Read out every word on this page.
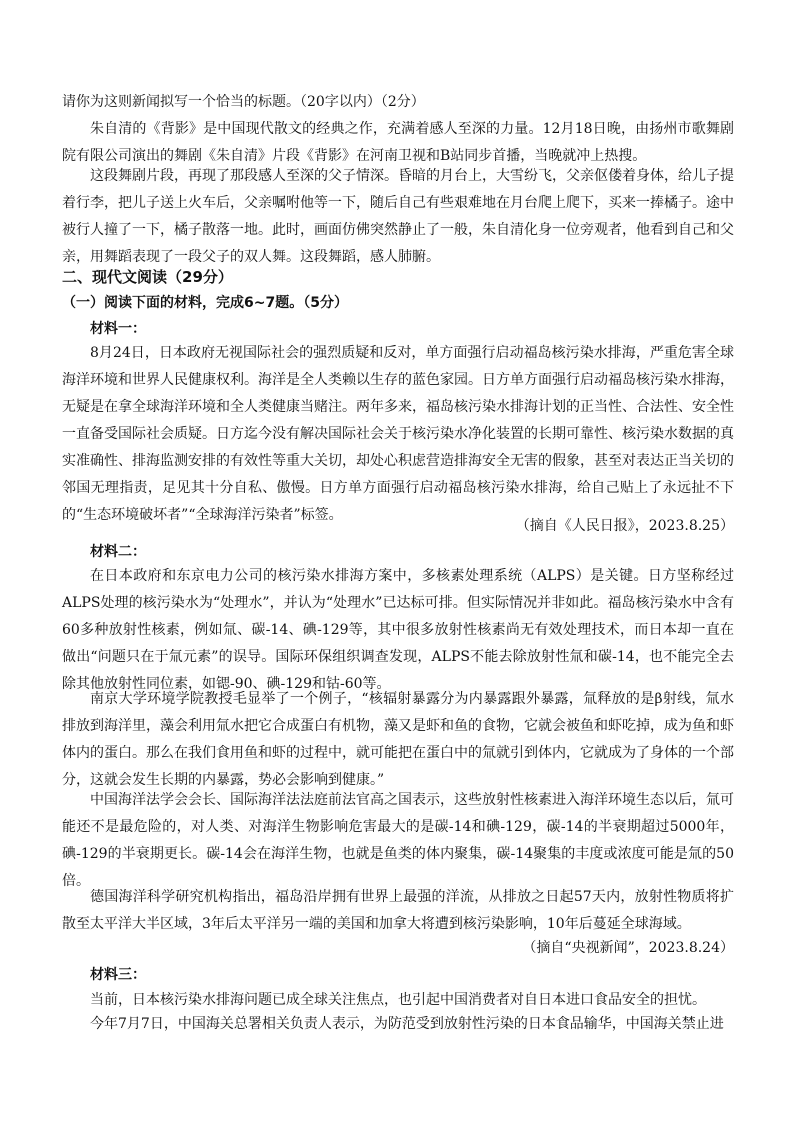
请你为这则新闻拟写一个恰当的标题。（20字以内）（2分）

朱自清的《背影》是中国现代散文的经典之作，充满着感人至深的力量。12月18日晚，由扬州市歌舞剧院有限公司演出的舞剧《朱自清》片段《背影》在河南卫视和B站同步首播，当晚就冲上热搜。

这段舞剧片段，再现了那段感人至深的父子情深。昏暗的月台上，大雪纷飞，父亲伛偻着身体，给儿子提着行李，把儿子送上火车后，父亲嘱咐他等一下，随后自己有些艰难地在月台爬上爬下，买来一捧橘子。途中被行人撞了一下，橘子散落一地。此时，画面仿佛突然静止了一般，朱自清化身一位旁观者，他看到自己和父亲，用舞蹈表现了一段父子的双人舞。这段舞蹈，感人肺腑。

二、现代文阅读（29分）

（一）阅读下面的材料，完成6~7题。（5分）

材料一：

8月24日，日本政府无视国际社会的强烈质疑和反对，单方面强行启动福岛核污染水排海，严重危害全球海洋环境和世界人民健康权利。海洋是全人类赖以生存的蓝色家园。日方单方面强行启动福岛核污染水排海，无疑是在拿全球海洋环境和全人类健康当赌注。两年多来，福岛核污染水排海计划的正当性、合法性、安全性一直备受国际社会质疑。日方迄今没有解决国际社会关于核污染水净化装置的长期可靠性、核污染水数据的真实准确性、排海监测安排的有效性等重大关切，却处心积虑营造排海安全无害的假象，甚至对表达正当关切的邻国无理指责，足见其十分自私、傲慢。日方单方面强行启动福岛核污染水排海，给自己贴上了永远扯不下的“生态环境破坏者”“全球海洋污染者”标签。

（摘自《人民日报》，2023.8.25）

材料二：

在日本政府和东京电力公司的核污染水排海方案中，多核素处理系统（ALPS）是关键。日方坚称经过ALPS处理的核污染水为“处理水”，并认为“处理水”已达标可排。但实际情况并非如此。福岛核污染水中含有60多种放射性核素，例如氚、碳-14、碘-129等，其中很多放射性核素尚无有效处理技术，而日本却一直在做出“问题只在于氚元素”的误导。国际环保组织调查发现，ALPS不能去除放射性氚和碳-14，也不能完全去除其他放射性同位素，如锶-90、碘-129和钴-60等。

南京大学环境学院教授毛显举了一个例子，“核辐射暴露分为内暴露跟外暴露，氚释放的是β射线，氚水排放到海洋里，藻会利用氚水把它合成蛋白有机物，藻又是虾和鱼的食物，它就会被鱼和虾吃掉，成为鱼和虾体内的蛋白。那么在我们食用鱼和虾的过程中，就可能把在蛋白中的氚就引到体内，它就成为了身体的一个部分，这就会发生长期的内暴露，势必会影响到健康。”

中国海洋法学会会长、国际海洋法法庭前法官高之国表示，这些放射性核素进入海洋环境生态以后，氚可能还不是最危险的，对人类、对海洋生物影响危害最大的是碳-14和碘-129，碳-14的半衰期超过5000年，碘-129的半衰期更长。碳-14会在海洋生物，也就是鱼类的体内聚集，碳-14聚集的丰度或浓度可能是氚的50倍。

德国海洋科学研究机构指出，福岛沿岸拥有世界上最强的洋流，从排放之日起57天内，放射性物质将扩散至太平洋大半区域，3年后太平洋另一端的美国和加拿大将遭到核污染影响，10年后蔓延全球海域。

（摘自“央视新闻”，2023.8.24）

材料三：

当前，日本核污染水排海问题已成全球关注焦点，也引起中国消费者对自日本进口食品安全的担忧。

今年7月7日，中国海关总署相关负责人表示，为防范受到放射性污染的日本食品输华，中国海关禁止进
